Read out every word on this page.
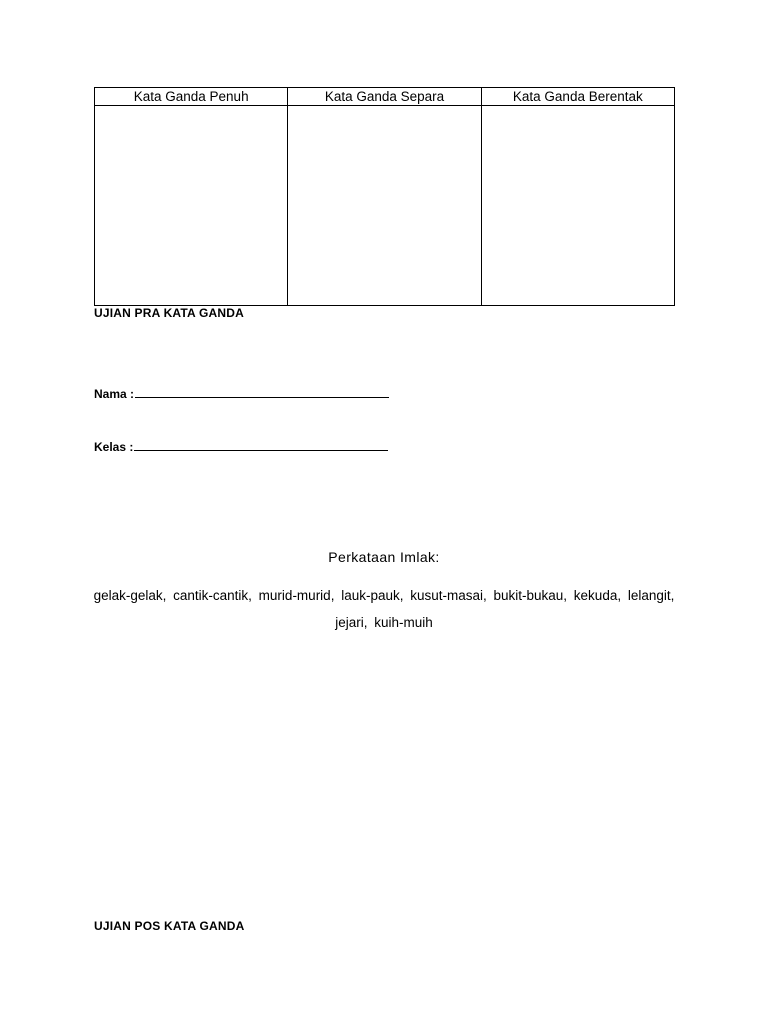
Kata Ganda Penuh	Kata Ganda Separa	Kata Ganda Berentak

UJIAN PRA KATA GANDA
Nama :
Kelas :
Perkataan Imlak:
gelak-gelak, cantik-cantik, murid-murid, lauk-pauk, kusut-masai, bukit-bukau, kekuda, lelangit, jejari, kuih-muih
UJIAN POS KATA GANDA
